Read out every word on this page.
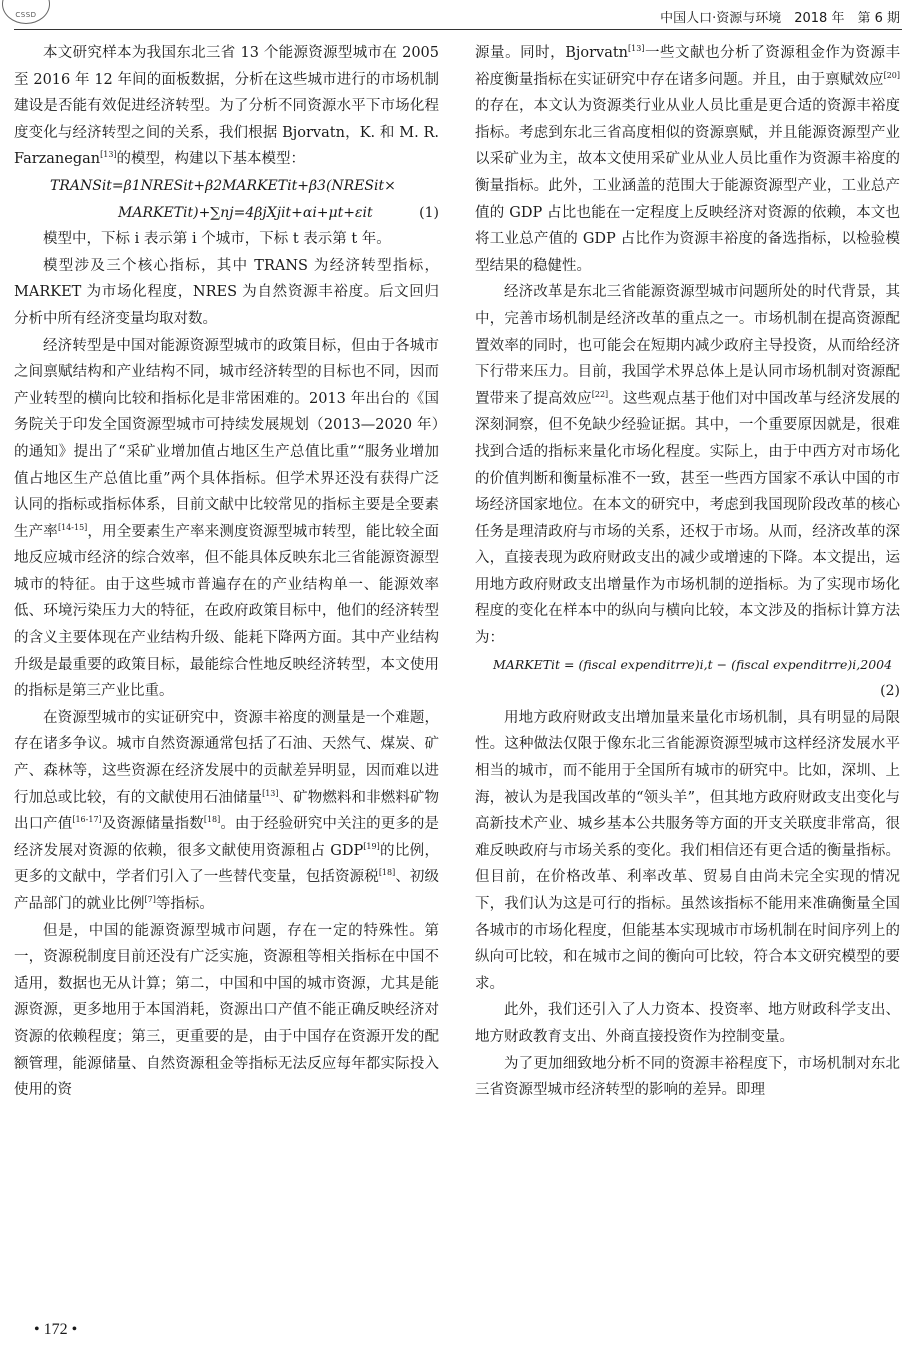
CSSD	中国人口·资源与环境　2018 年　第 6 期

本文研究样本为我国东北三省 13 个能源资源型城市在 2005 至 2016 年 12 年间的面板数据，分析在这些城市进行的市场机制建设是否能有效促进经济转型。为了分析不同资源水平下市场化程度变化与经济转型之间的关系，我们根据 Bjorvatn，K. 和 M. R. Farzanegan[13]的模型，构建以下基本模型：

TRANSit=β1NRESit+β2MARKETit+β3(NRESit×
MARKETit)+∑nj=4βjXjit+αi+μt+εit	(1)

模型中，下标 i 表示第 i 个城市，下标 t 表示第 t 年。

模型涉及三个核心指标，其中 TRANS 为经济转型指标，MARKET 为市场化程度，NRES 为自然资源丰裕度。后文回归分析中所有经济变量均取对数。

经济转型是中国对能源资源型城市的政策目标，但由于各城市之间禀赋结构和产业结构不同，城市经济转型的目标也不同，因而产业转型的横向比较和指标化是非常困难的。2013 年出台的《国务院关于印发全国资源型城市可持续发展规划（2013—2020 年）的通知》提出了“采矿业增加值占地区生产总值比重”“服务业增加值占地区生产总值比重”两个具体指标。但学术界还没有获得广泛认同的指标或指标体系，目前文献中比较常见的指标主要是全要素生产率[14-15]，用全要素生产率来测度资源型城市转型，能比较全面地反应城市经济的综合效率，但不能具体反映东北三省能源资源型城市的特征。由于这些城市普遍存在的产业结构单一、能源效率低、环境污染压力大的特征，在政府政策目标中，他们的经济转型的含义主要体现在产业结构升级、能耗下降两方面。其中产业结构升级是最重要的政策目标，最能综合性地反映经济转型，本文使用的指标是第三产业比重。

在资源型城市的实证研究中，资源丰裕度的测量是一个难题，存在诸多争议。城市自然资源通常包括了石油、天然气、煤炭、矿产、森林等，这些资源在经济发展中的贡献差异明显，因而难以进行加总或比较，有的文献使用石油储量[13]、矿物燃料和非燃料矿物出口产值[16-17]及资源储量指数[18]。由于经验研究中关注的更多的是经济发展对资源的依赖，很多文献使用资源租占 GDP[19]的比例，更多的文献中，学者们引入了一些替代变量，包括资源税[18]、初级产品部门的就业比例[7]等指标。

但是，中国的能源资源型城市问题，存在一定的特殊性。第一，资源税制度目前还没有广泛实施，资源租等相关指标在中国不适用，数据也无从计算；第二，中国和中国的城市资源，尤其是能源资源，更多地用于本国消耗，资源出口产值不能正确反映经济对资源的依赖程度；第三，更重要的是，由于中国存在资源开发的配额管理，能源储量、自然资源租金等指标无法反应每年都实际投入使用的资

源量。同时，Bjorvatn[13]一些文献也分析了资源租金作为资源丰裕度衡量指标在实证研究中存在诸多问题。并且，由于禀赋效应[20]的存在，本文认为资源类行业从业人员比重是更合适的资源丰裕度指标。考虑到东北三省高度相似的资源禀赋，并且能源资源型产业以采矿业为主，故本文使用采矿业从业人员比重作为资源丰裕度的衡量指标。此外，工业涵盖的范围大于能源资源型产业，工业总产值的 GDP 占比也能在一定程度上反映经济对资源的依赖，本文也将工业总产值的 GDP 占比作为资源丰裕度的备选指标，以检验模型结果的稳健性。

经济改革是东北三省能源资源型城市问题所处的时代背景，其中，完善市场机制是经济改革的重点之一。市场机制在提高资源配置效率的同时，也可能会在短期内减少政府主导投资，从而给经济下行带来压力。目前，我国学术界总体上是认同市场机制对资源配置带来了提高效应[22]。这些观点基于他们对中国改革与经济发展的深刻洞察，但不免缺少经验证据。其中，一个重要原因就是，很难找到合适的指标来量化市场化程度。实际上，由于中西方对市场化的价值判断和衡量标准不一致，甚至一些西方国家不承认中国的市场经济国家地位。在本文的研究中，考虑到我国现阶段改革的核心任务是理清政府与市场的关系，还权于市场。从而，经济改革的深入，直接表现为政府财政支出的减少或增速的下降。本文提出，运用地方政府财政支出增量作为市场机制的逆指标。为了实现市场化程度的变化在样本中的纵向与横向比较，本文涉及的指标计算方法为：

MARKETit = (fiscal expenditrre)i,t − (fiscal expenditrre)i,2004
(2)

用地方政府财政支出增加量来量化市场机制，具有明显的局限性。这种做法仅限于像东北三省能源资源型城市这样经济发展水平相当的城市，而不能用于全国所有城市的研究中。比如，深圳、上海，被认为是我国改革的“领头羊”，但其地方政府财政支出变化与高新技术产业、城乡基本公共服务等方面的开支关联度非常高，很难反映政府与市场关系的变化。我们相信还有更合适的衡量指标。但目前，在价格改革、利率改革、贸易自由尚未完全实现的情况下，我们认为这是可行的指标。虽然该指标不能用来准确衡量全国各城市的市场化程度，但能基本实现城市市场机制在时间序列上的纵向可比较，和在城市之间的衡向可比较，符合本文研究模型的要求。

此外，我们还引入了人力资本、投资率、地方财政科学支出、地方财政教育支出、外商直接投资作为控制变量。

为了更加细致地分析不同的资源丰裕程度下，市场机制对东北三省资源型城市经济转型的影响的差异。即理

• 172 •
